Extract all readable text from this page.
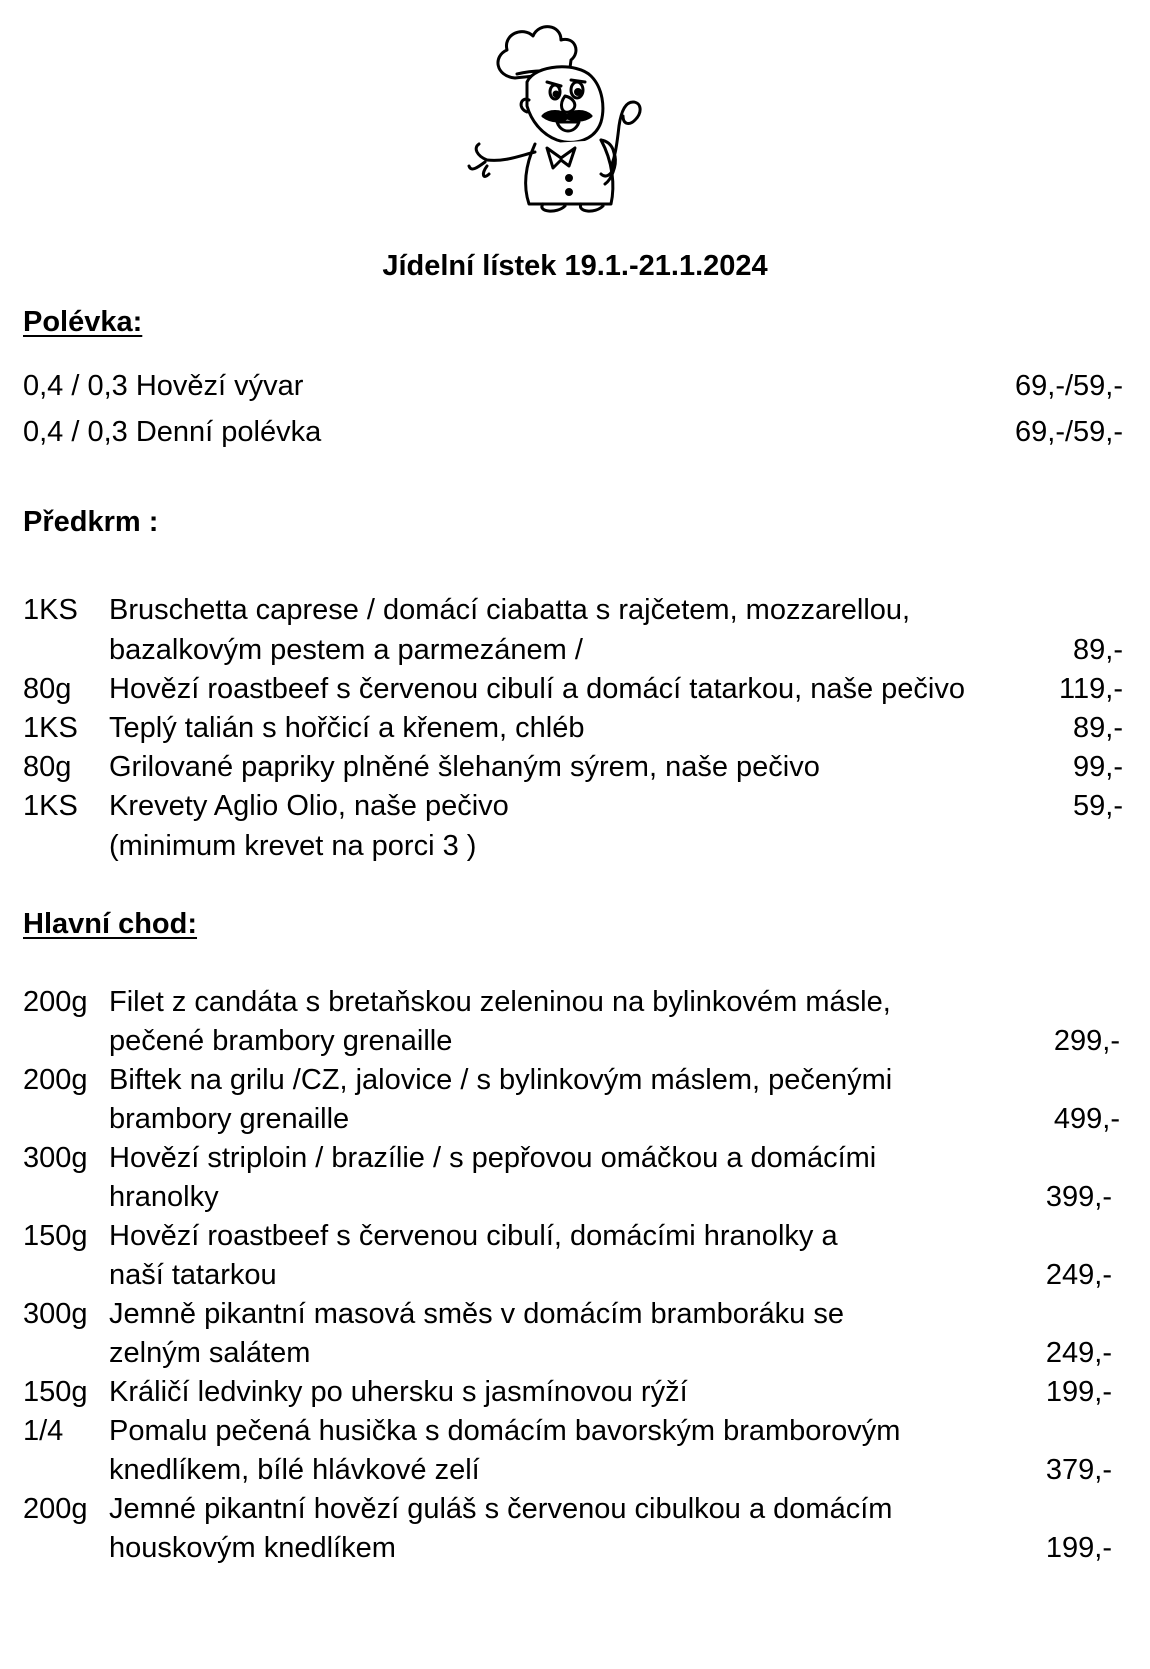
Jídelní lístek 19.1.-21.1.2024
Polévka:
0,4 / 0,3 Hovězí vývar	69,-/59,-
0,4 / 0,3 Denní polévka	69,-/59,-
Předkrm :
1KS Bruschetta caprese / domácí ciabatta s rajčetem, mozzarellou,
bazalkovým pestem a parmezánem /	89,-
80g Hovězí roastbeef s červenou cibulí a domácí tatarkou, naše pečivo	119,-
1KS Teplý talián s hořčicí a křenem, chléb	89,-
80g Grilované papriky plněné šlehaným sýrem, naše pečivo	99,-
1KS Krevety Aglio Olio, naše pečivo	59,-
(minimum krevet na porci 3 )
Hlavní chod:
200g Filet z candáta s bretaňskou zeleninou na bylinkovém másle,
pečené brambory grenaille	299,-
200g Biftek na grilu /CZ, jalovice / s bylinkovým máslem, pečenými
brambory grenaille	499,-
300g Hovězí striploin / brazílie / s pepřovou omáčkou a domácími
hranolky	399,-
150g Hovězí roastbeef s červenou cibulí, domácími hranolky a
naší tatarkou	249,-
300g Jemně pikantní masová směs v domácím bramboráku se
zelným salátem	249,-
150g Králičí ledvinky po uhersku s jasmínovou rýží	199,-
1/4 Pomalu pečená husička s domácím bavorským bramborovým
knedlíkem, bílé hlávkové zelí	379,-
200g Jemné pikantní hovězí guláš s červenou cibulkou a domácím
houskovým knedlíkem	199,-
